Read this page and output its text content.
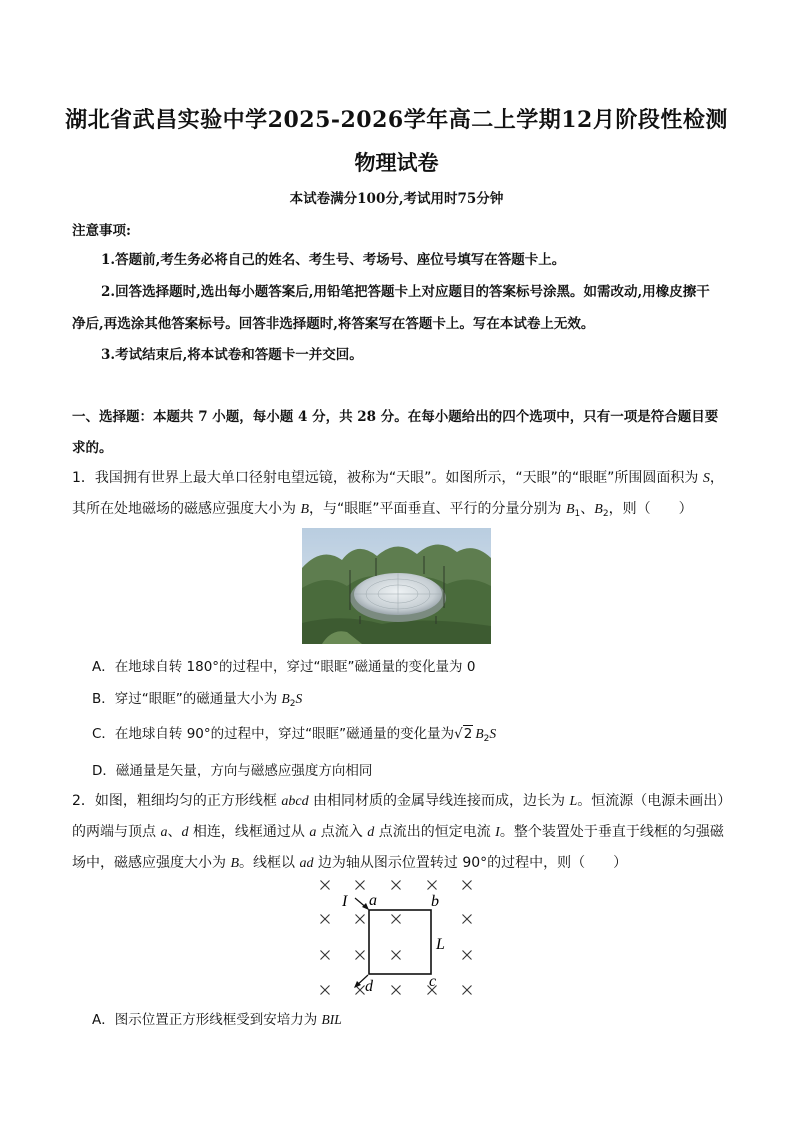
湖北省武昌实验中学2025-2026学年高二上学期12月阶段性检测
物理试卷
本试卷满分100分,考试用时75分钟
注意事项:
1.答题前,考生务必将自己的姓名、考生号、考场号、座位号填写在答题卡上。
2.回答选择题时,选出每小题答案后,用铅笔把答题卡上对应题目的答案标号涂黑。如需改动,用橡皮擦干
净后,再选涂其他答案标号。回答非选择题时,将答案写在答题卡上。写在本试卷上无效。
3.考试结束后,将本试卷和答题卡一并交回。
一、选择题：本题共 7 小题，每小题 4 分，共 28 分。在每小题给出的四个选项中，只有一项是符合题目要
求的。
1．我国拥有世界上最大单口径射电望远镜，被称为“天眼”。如图所示，“天眼”的“眼眶”所围圆面积为 S，
其所在处地磁场的磁感应强度大小为 B，与“眼眶”平面垂直、平行的分量分别为 $B_1$、$B_2$，则（　　）
A．在地球自转 180°的过程中，穿过“眼眶”磁通量的变化量为 0
B．穿过“眼眶”的磁通量大小为 $B_2S$
C．在地球自转 90°的过程中，穿过“眼眶”磁通量的变化量为√2 $B_2S$
D．磁通量是矢量，方向与磁感应强度方向相同
2．如图，粗细均匀的正方形线框 abcd 由相同材质的金属导线连接而成，边长为 L。恒流源（电源未画出）
的两端与顶点 a、d 相连，线框通过从 a 点流入 d 点流出的恒定电流 I。整个装置处于垂直于线框的匀强磁
场中，磁感应强度大小为 B。线框以 ad 边为轴从图示位置转过 90°的过程中，则（　　）
I a	b
c
d
L
A．图示位置正方形线框受到安培力为 BIL
